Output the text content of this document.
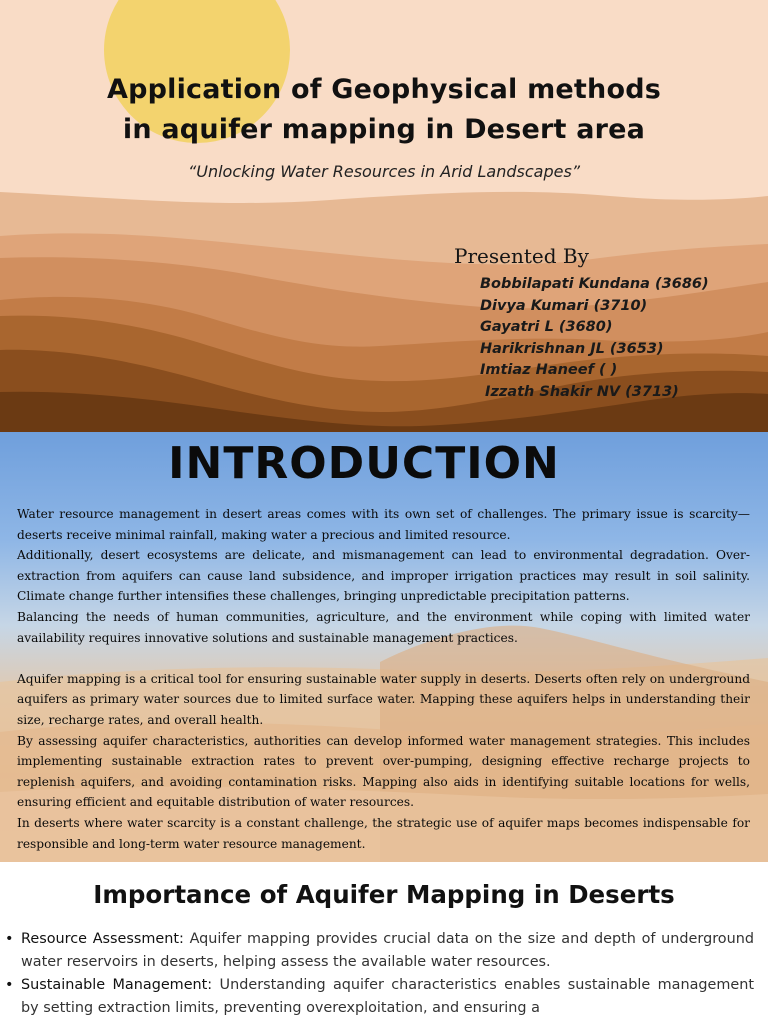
Application of Geophysical methods
in aquifer mapping in Desert area
“Unlocking Water Resources in Arid Landscapes”
Presented By
Bobbilapati Kundana (3686)
Divya Kumari (3710)
Gayatri L (3680)
Harikrishnan JL (3653)
Imtiaz Haneef ( )
Izzath Shakir NV (3713)
INTRODUCTION

Water resource management in desert areas comes with its own set of challenges. The primary issue is scarcity—deserts receive minimal rainfall, making water a precious and limited resource.

Additionally, desert ecosystems are delicate, and mismanagement can lead to environmental degradation. Over-extraction from aquifers can cause land subsidence, and improper irrigation practices may result in soil salinity. Climate change further intensifies these challenges, bringing unpredictable precipitation patterns.

Balancing the needs of human communities, agriculture, and the environment while coping with limited water availability requires innovative solutions and sustainable management practices.

Aquifer mapping is a critical tool for ensuring sustainable water supply in deserts. Deserts often rely on underground aquifers as primary water sources due to limited surface water. Mapping these aquifers helps in understanding their size, recharge rates, and overall health.

By assessing aquifer characteristics, authorities can develop informed water management strategies. This includes implementing sustainable extraction rates to prevent over-pumping, designing effective recharge projects to replenish aquifers, and avoiding contamination risks. Mapping also aids in identifying suitable locations for wells, ensuring efficient and equitable distribution of water resources.

In deserts where water scarcity is a constant challenge, the strategic use of aquifer maps becomes indispensable for responsible and long-term water resource management.

Importance of Aquifer Mapping in Deserts
• Resource Assessment: Aquifer mapping provides crucial data on the size and depth of underground water reservoirs in deserts, helping assess the available water resources.
• Sustainable Management: Understanding aquifer characteristics enables sustainable management by setting extraction limits, preventing overexploitation, and ensuring a
